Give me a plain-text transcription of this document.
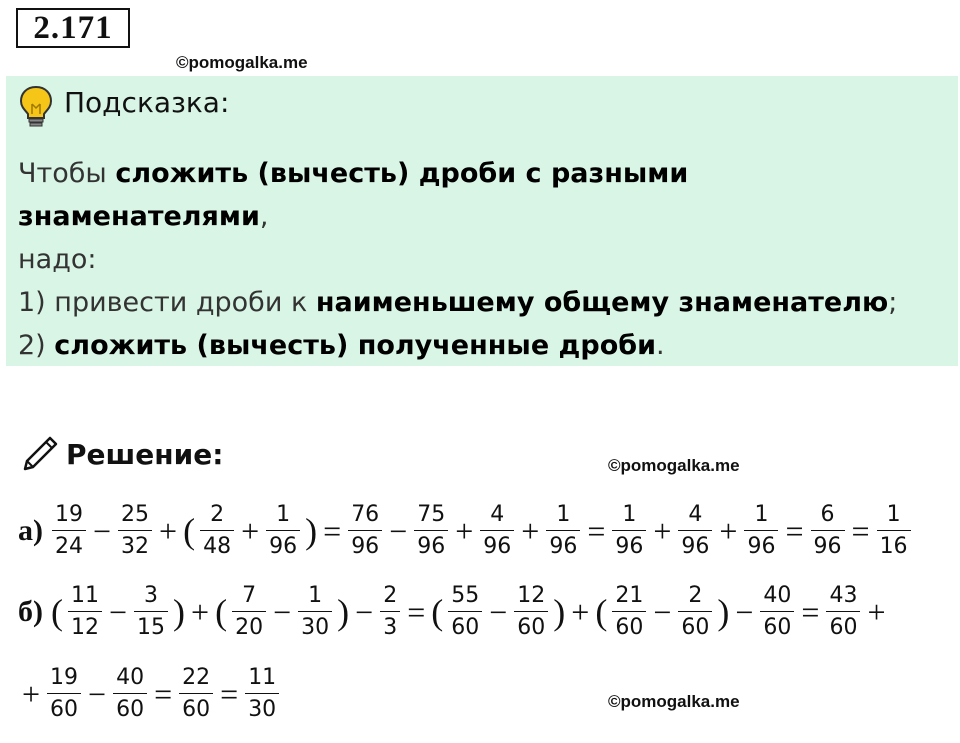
2.171
©pomogalka.me
Подсказка:
Чтобы сложить (вычесть) дроби с разными знаменателями,
надо:
1) привести дроби к наименьшему общему знаменателю;
2) сложить (вычесть) полученные дроби.
Решение:	©pomogalka.me
$а) \frac{19}{24} - \frac{25}{32}$ + ( $\frac{2}{48} + \frac{1}{96}$ ) = $\frac{76}{96} - \frac{75}{96} + \frac{4}{96} + \frac{1}{96} = \frac{1}{96} + \frac{4}{96} + \frac{1}{96} = \frac{6}{96} = \frac{1}{16}$
б) ( $\frac{11}{12} - \frac{3}{15}$ ) + ( $\frac{7}{20} - \frac{1}{30}$ ) − $\frac{2}{3}$ = ( $\frac{55}{60} - \frac{12}{60}$ ) + ( $\frac{21}{60} - \frac{2}{60}$ ) − $\frac{40}{60} = \frac{43}{60}$ +
+ $\frac{19}{60} - \frac{40}{60} = \frac{22}{60} = \frac{11}{30}$	©pomogalka.me
